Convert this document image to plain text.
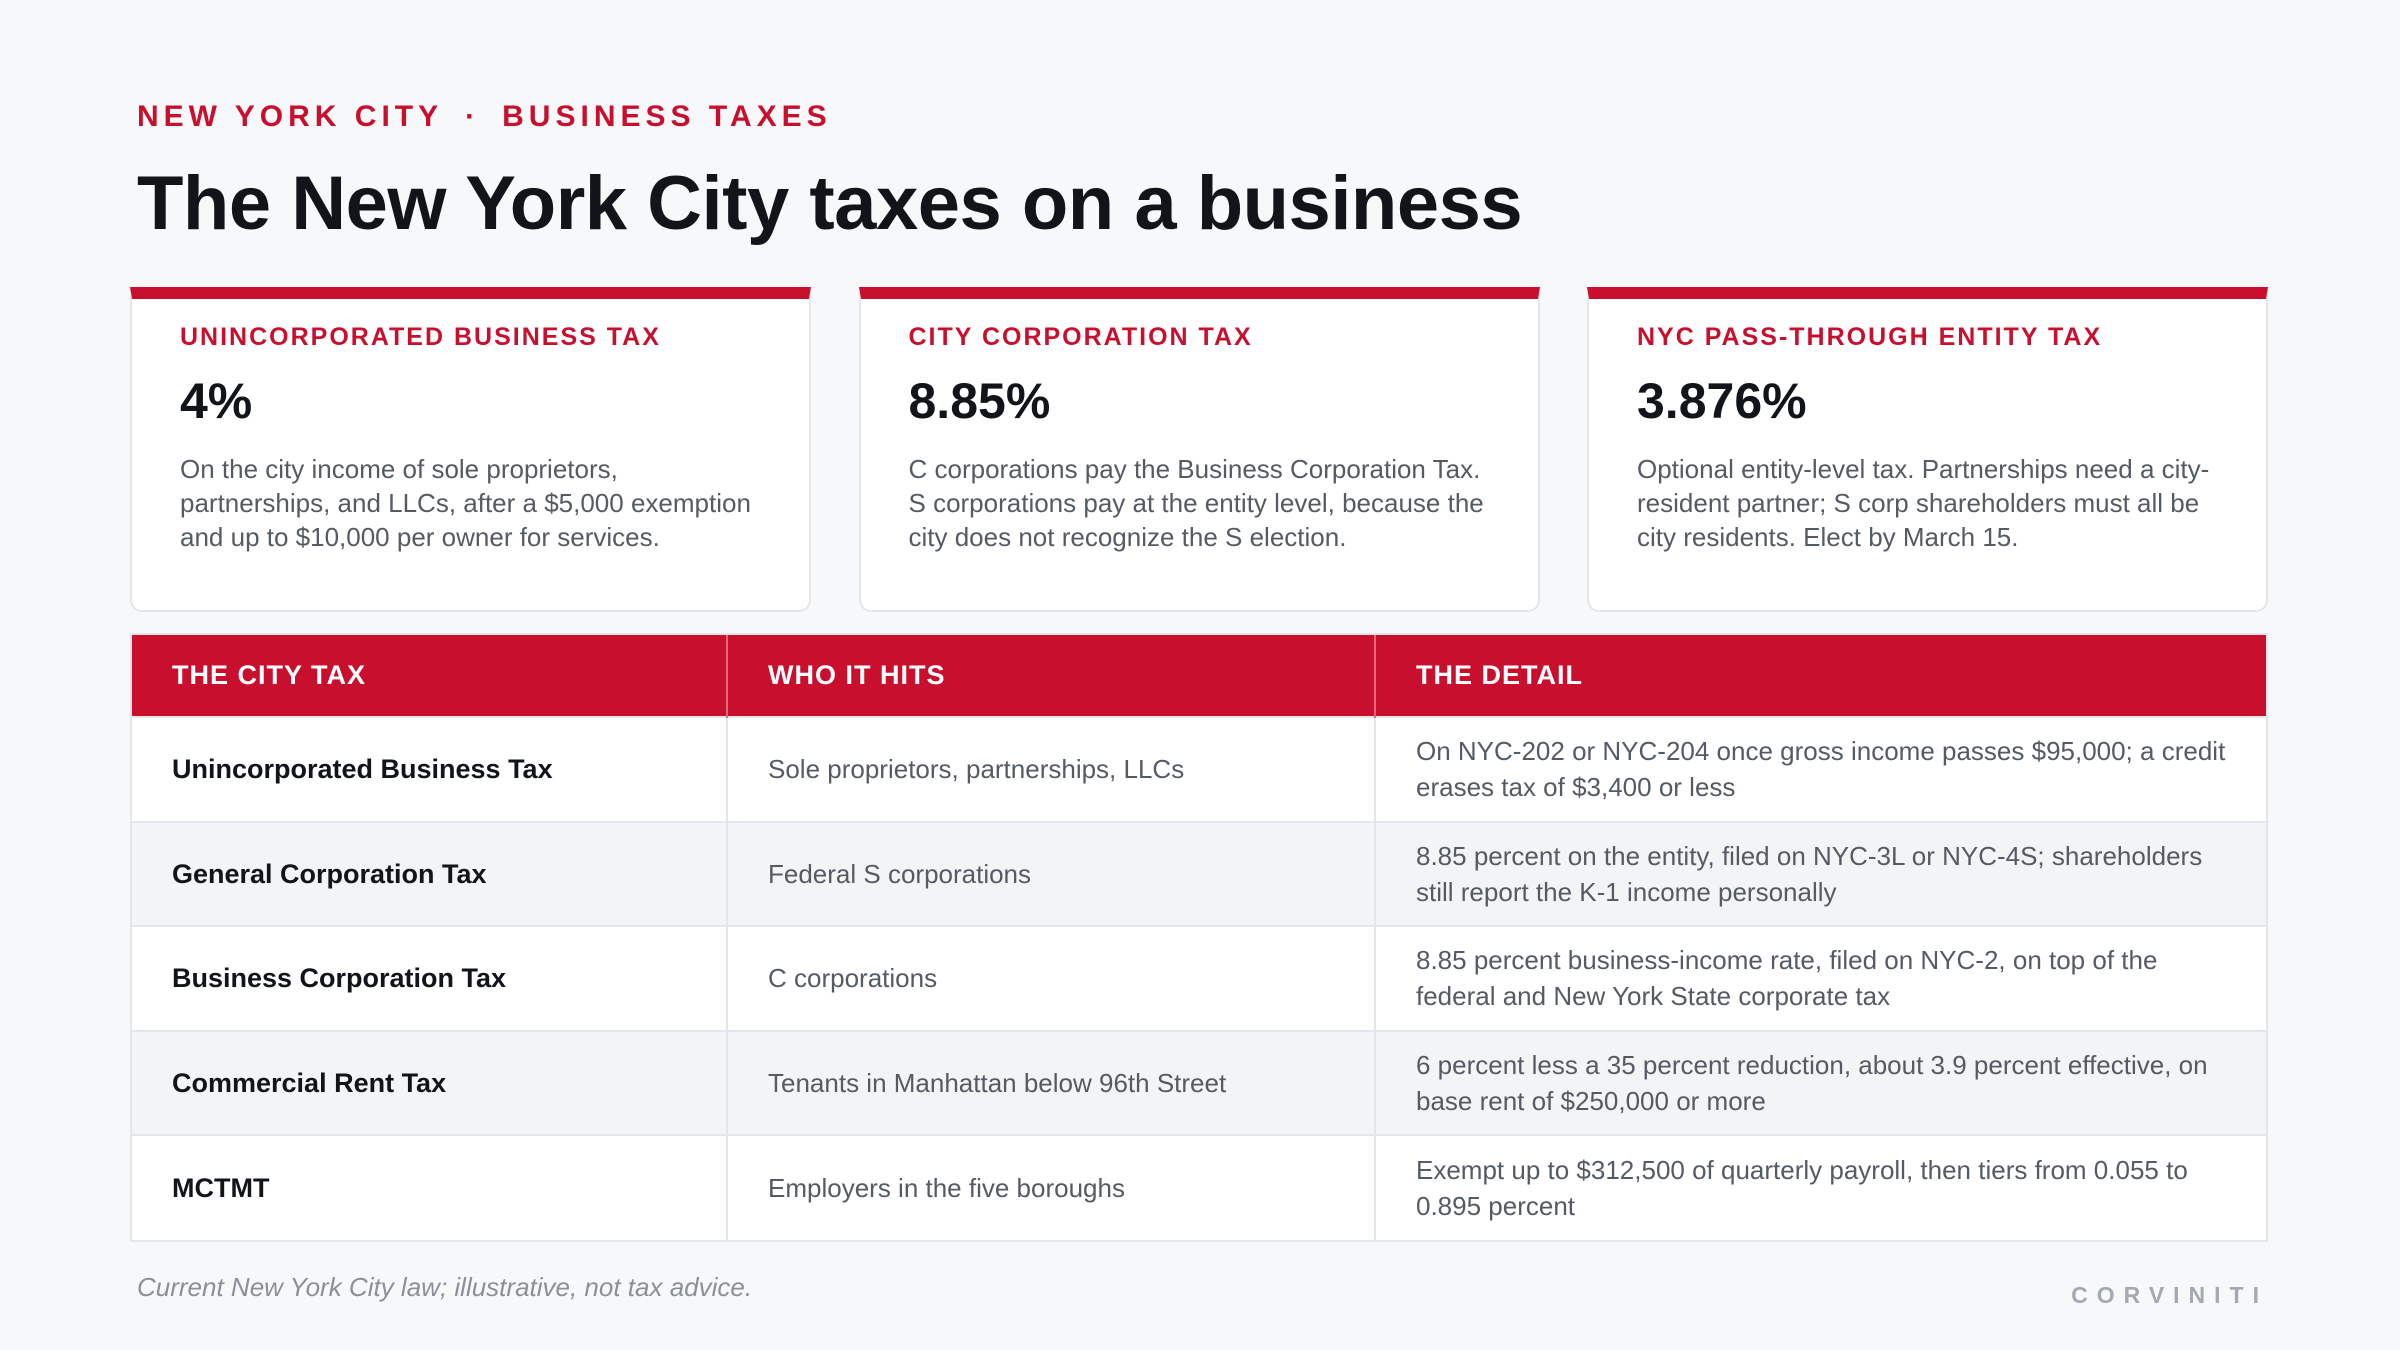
NEW YORK CITY · BUSINESS TAXES
The New York City taxes on a business
UNINCORPORATED BUSINESS TAX
4%
On the city income of sole proprietors, partnerships, and LLCs, after a $5,000 exemption and up to $10,000 per owner for services.
CITY CORPORATION TAX
8.85%
C corporations pay the Business Corporation Tax. S corporations pay at the entity level, because the city does not recognize the S election.
NYC PASS-THROUGH ENTITY TAX
3.876%
Optional entity-level tax. Partnerships need a city-resident partner; S corp shareholders must all be city residents. Elect by March 15.
THE CITY TAX	WHO IT HITS	THE DETAIL
Unincorporated Business Tax	Sole proprietors, partnerships, LLCs	On NYC-202 or NYC-204 once gross income passes $95,000; a credit erases tax of $3,400 or less
General Corporation Tax	Federal S corporations	8.85 percent on the entity, filed on NYC-3L or NYC-4S; shareholders still report the K-1 income personally
Business Corporation Tax	C corporations	8.85 percent business-income rate, filed on NYC-2, on top of the federal and New York State corporate tax
Commercial Rent Tax	Tenants in Manhattan below 96th Street	6 percent less a 35 percent reduction, about 3.9 percent effective, on base rent of $250,000 or more
MCTMT	Employers in the five boroughs	Exempt up to $312,500 of quarterly payroll, then tiers from 0.055 to 0.895 percent
Current New York City law; illustrative, not tax advice.	CORVINITI
